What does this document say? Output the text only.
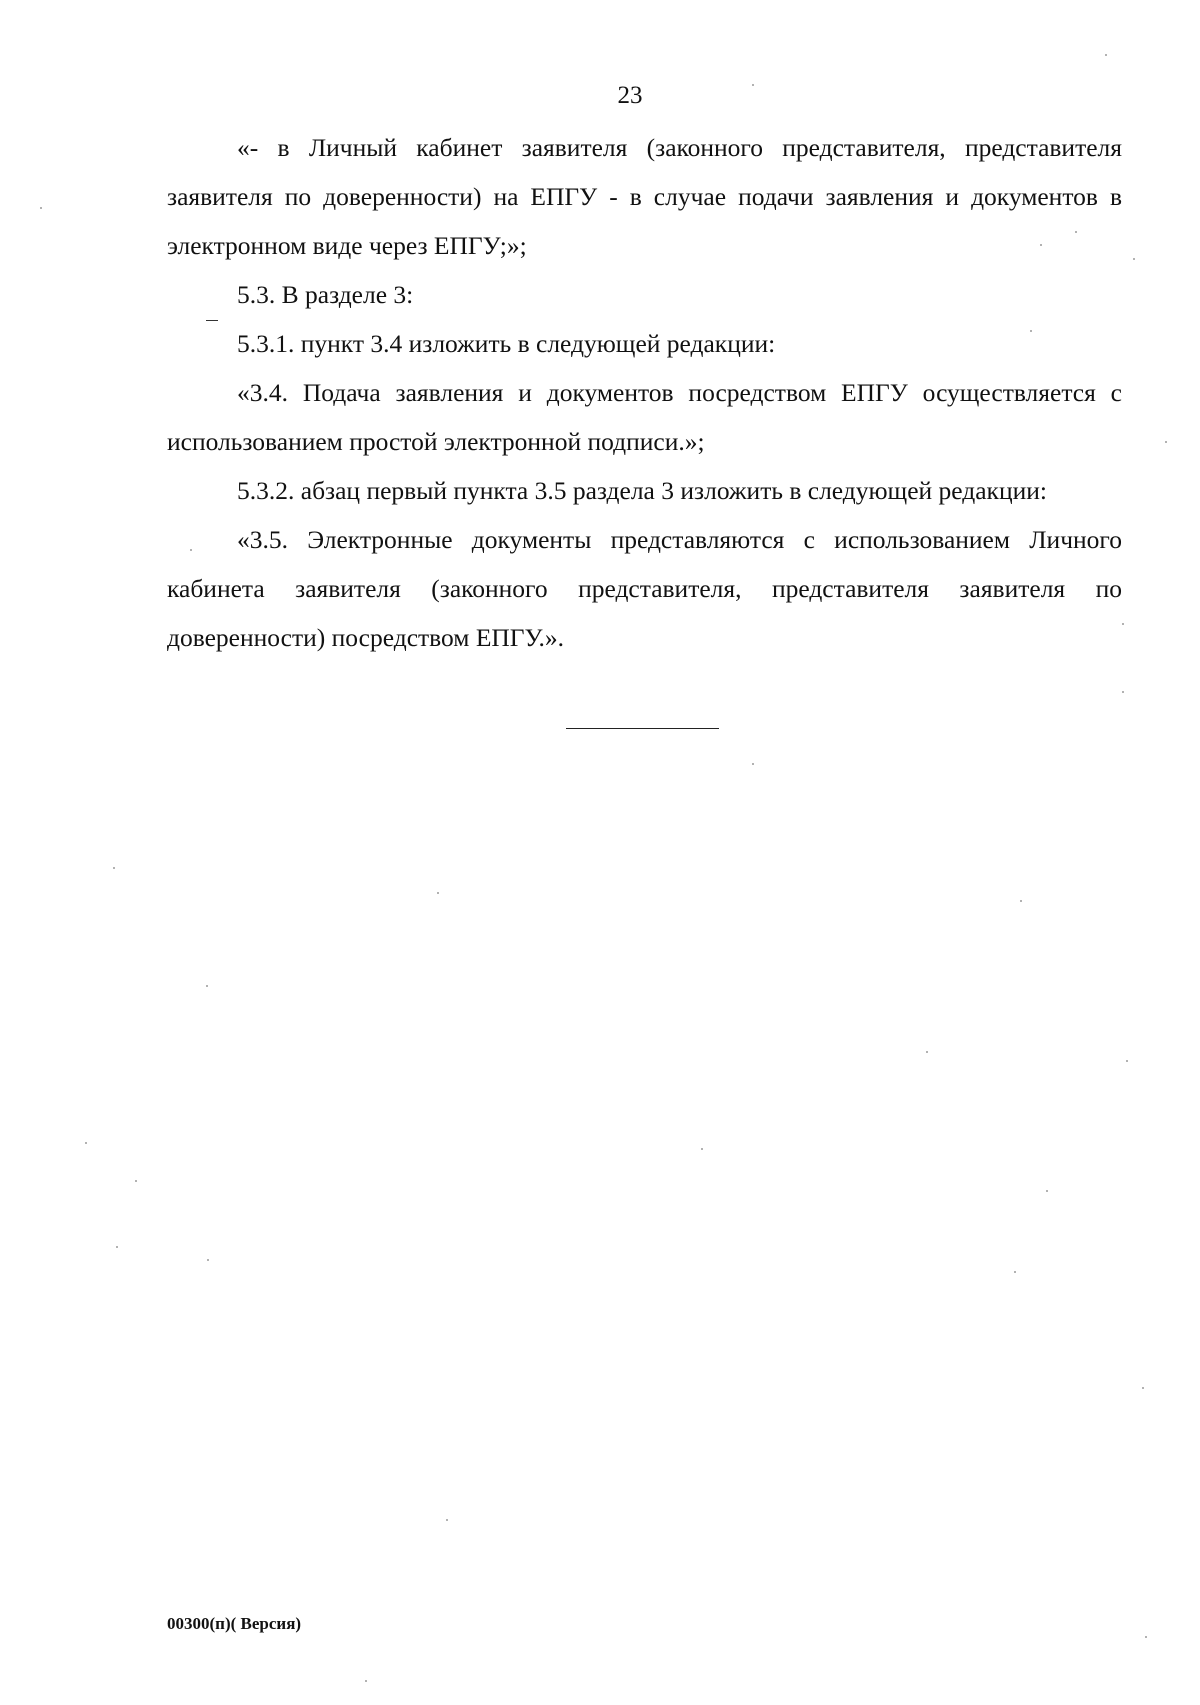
23

«- в Личный кабинет заявителя (законного представителя, представителя заявителя по доверенности) на ЕПГУ - в случае подачи заявления и документов в электронном виде через ЕПГУ;»;

5.3. В разделе 3:

5.3.1. пункт 3.4 изложить в следующей редакции:

«3.4. Подача заявления и документов посредством ЕПГУ осуществляется с использованием простой электронной подписи.»;

5.3.2. абзац первый пункта 3.5 раздела 3 изложить в следующей редакции:

«3.5. Электронные документы представляются с использованием Личного кабинета заявителя (законного представителя, представителя заявителя по доверенности) посредством ЕПГУ.».

00300(п)( Версия)
